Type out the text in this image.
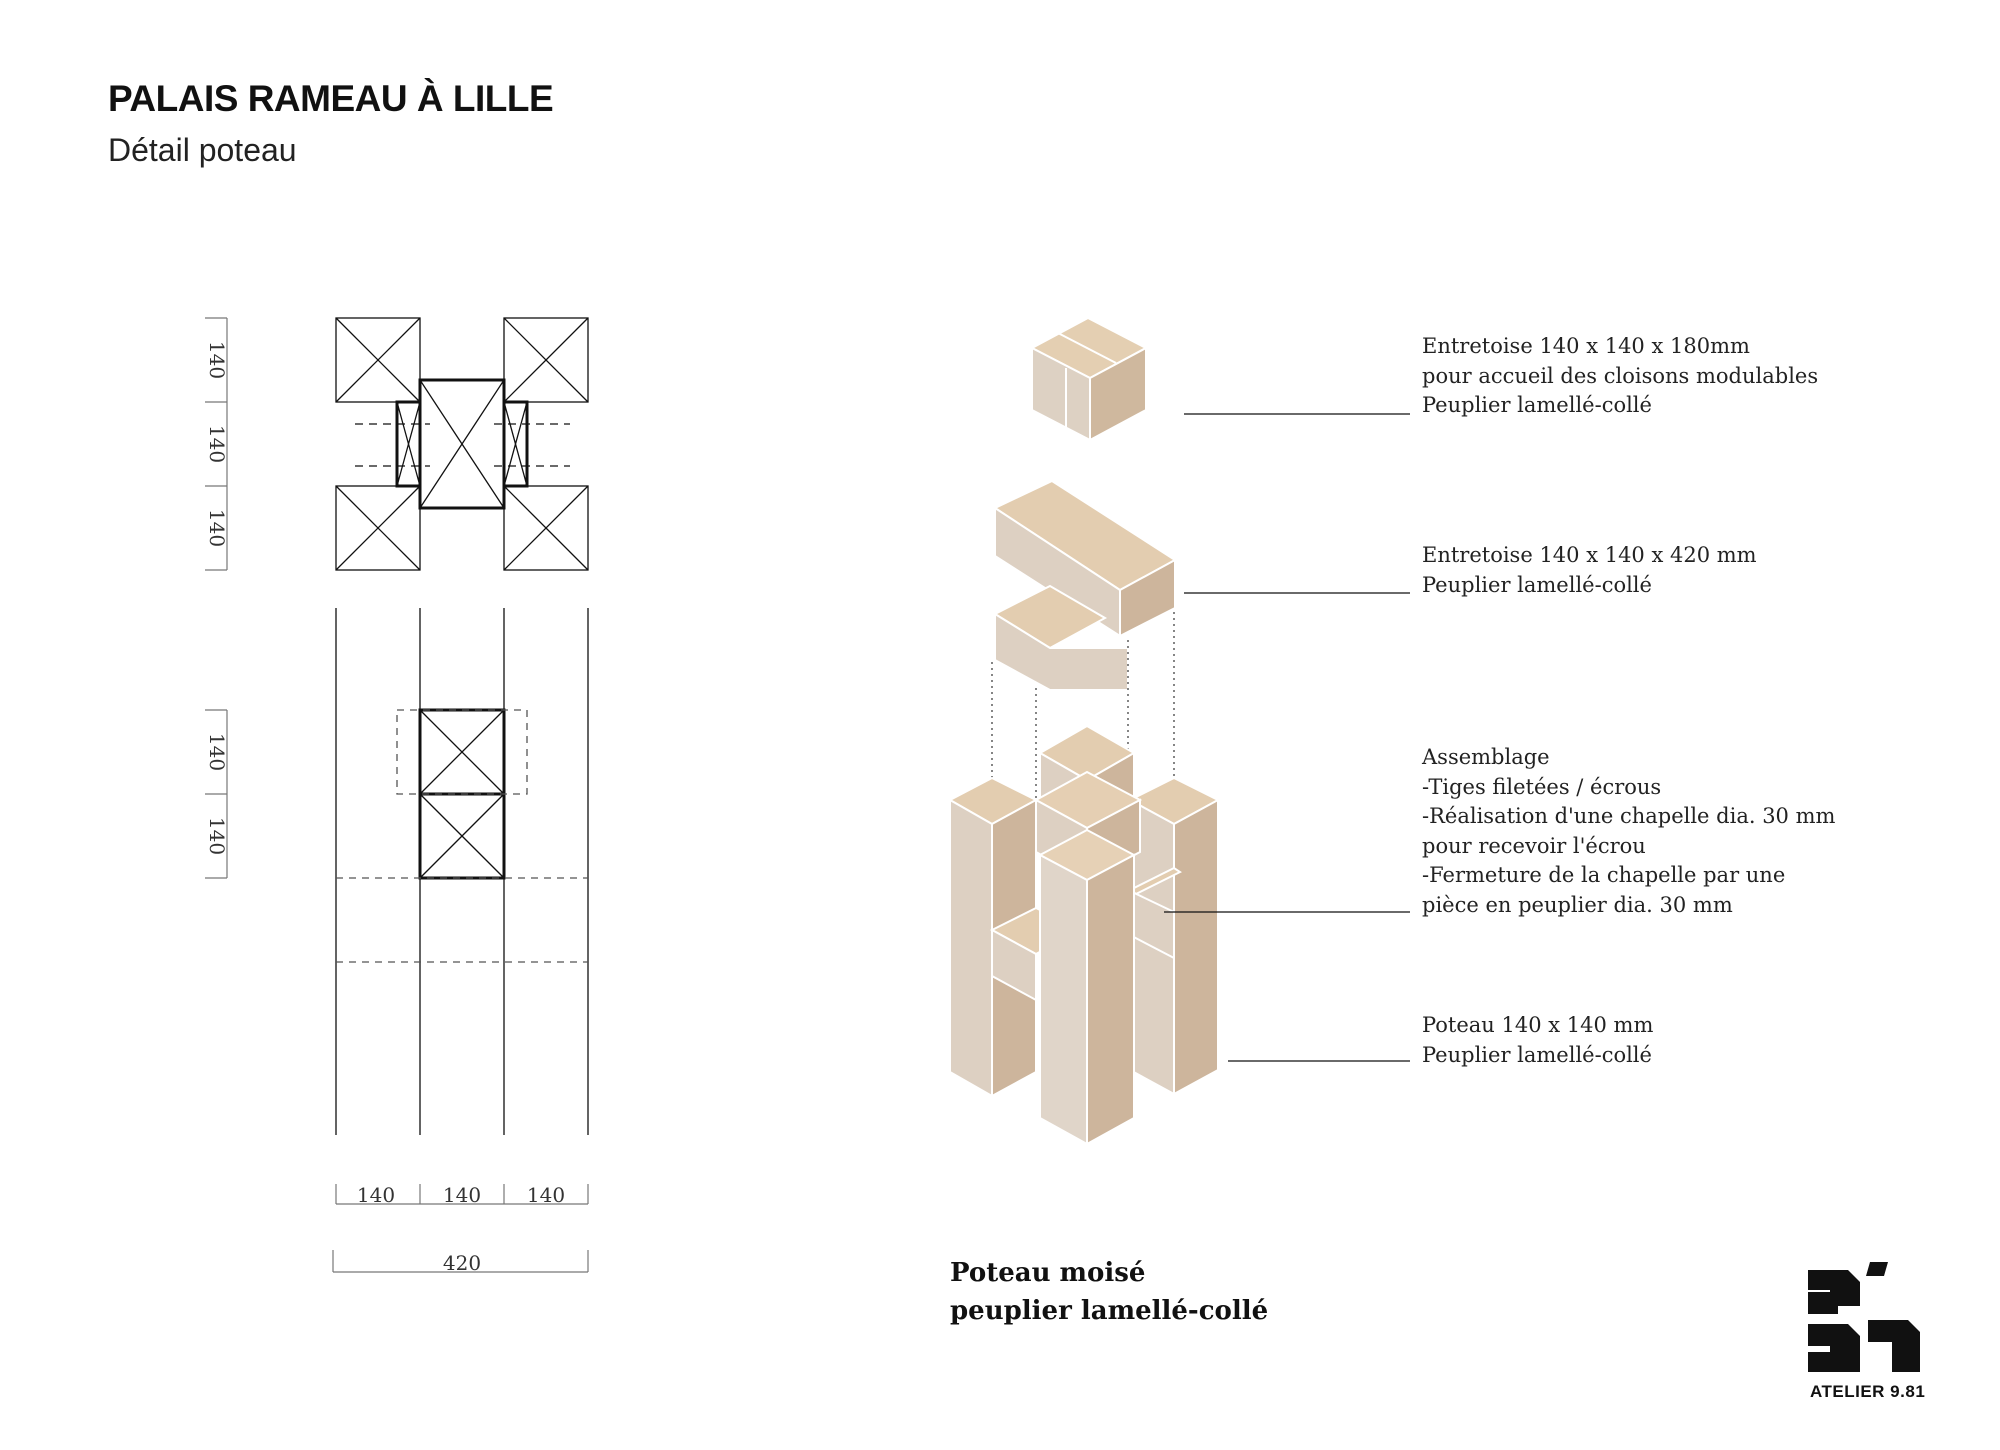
PALAIS RAMEAU À LILLE

Détail poteau

140
140
140
140
140
140 140 140
420
Entretoise 140 x 140 x 180mm
pour accueil des cloisons modulables
Peuplier lamellé-collé
Entretoise 140 x 140 x 420 mm
Peuplier lamellé-collé
Assemblage
-Tiges filetées / écrous
-Réalisation d'une chapelle dia. 30 mm
pour recevoir l'écrou
-Fermeture de la chapelle par une
pièce en peuplier dia. 30 mm
Poteau 140 x 140 mm
Peuplier lamellé-collé
Poteau moisé
peuplier lamellé-collé
ATELIER 9.81
